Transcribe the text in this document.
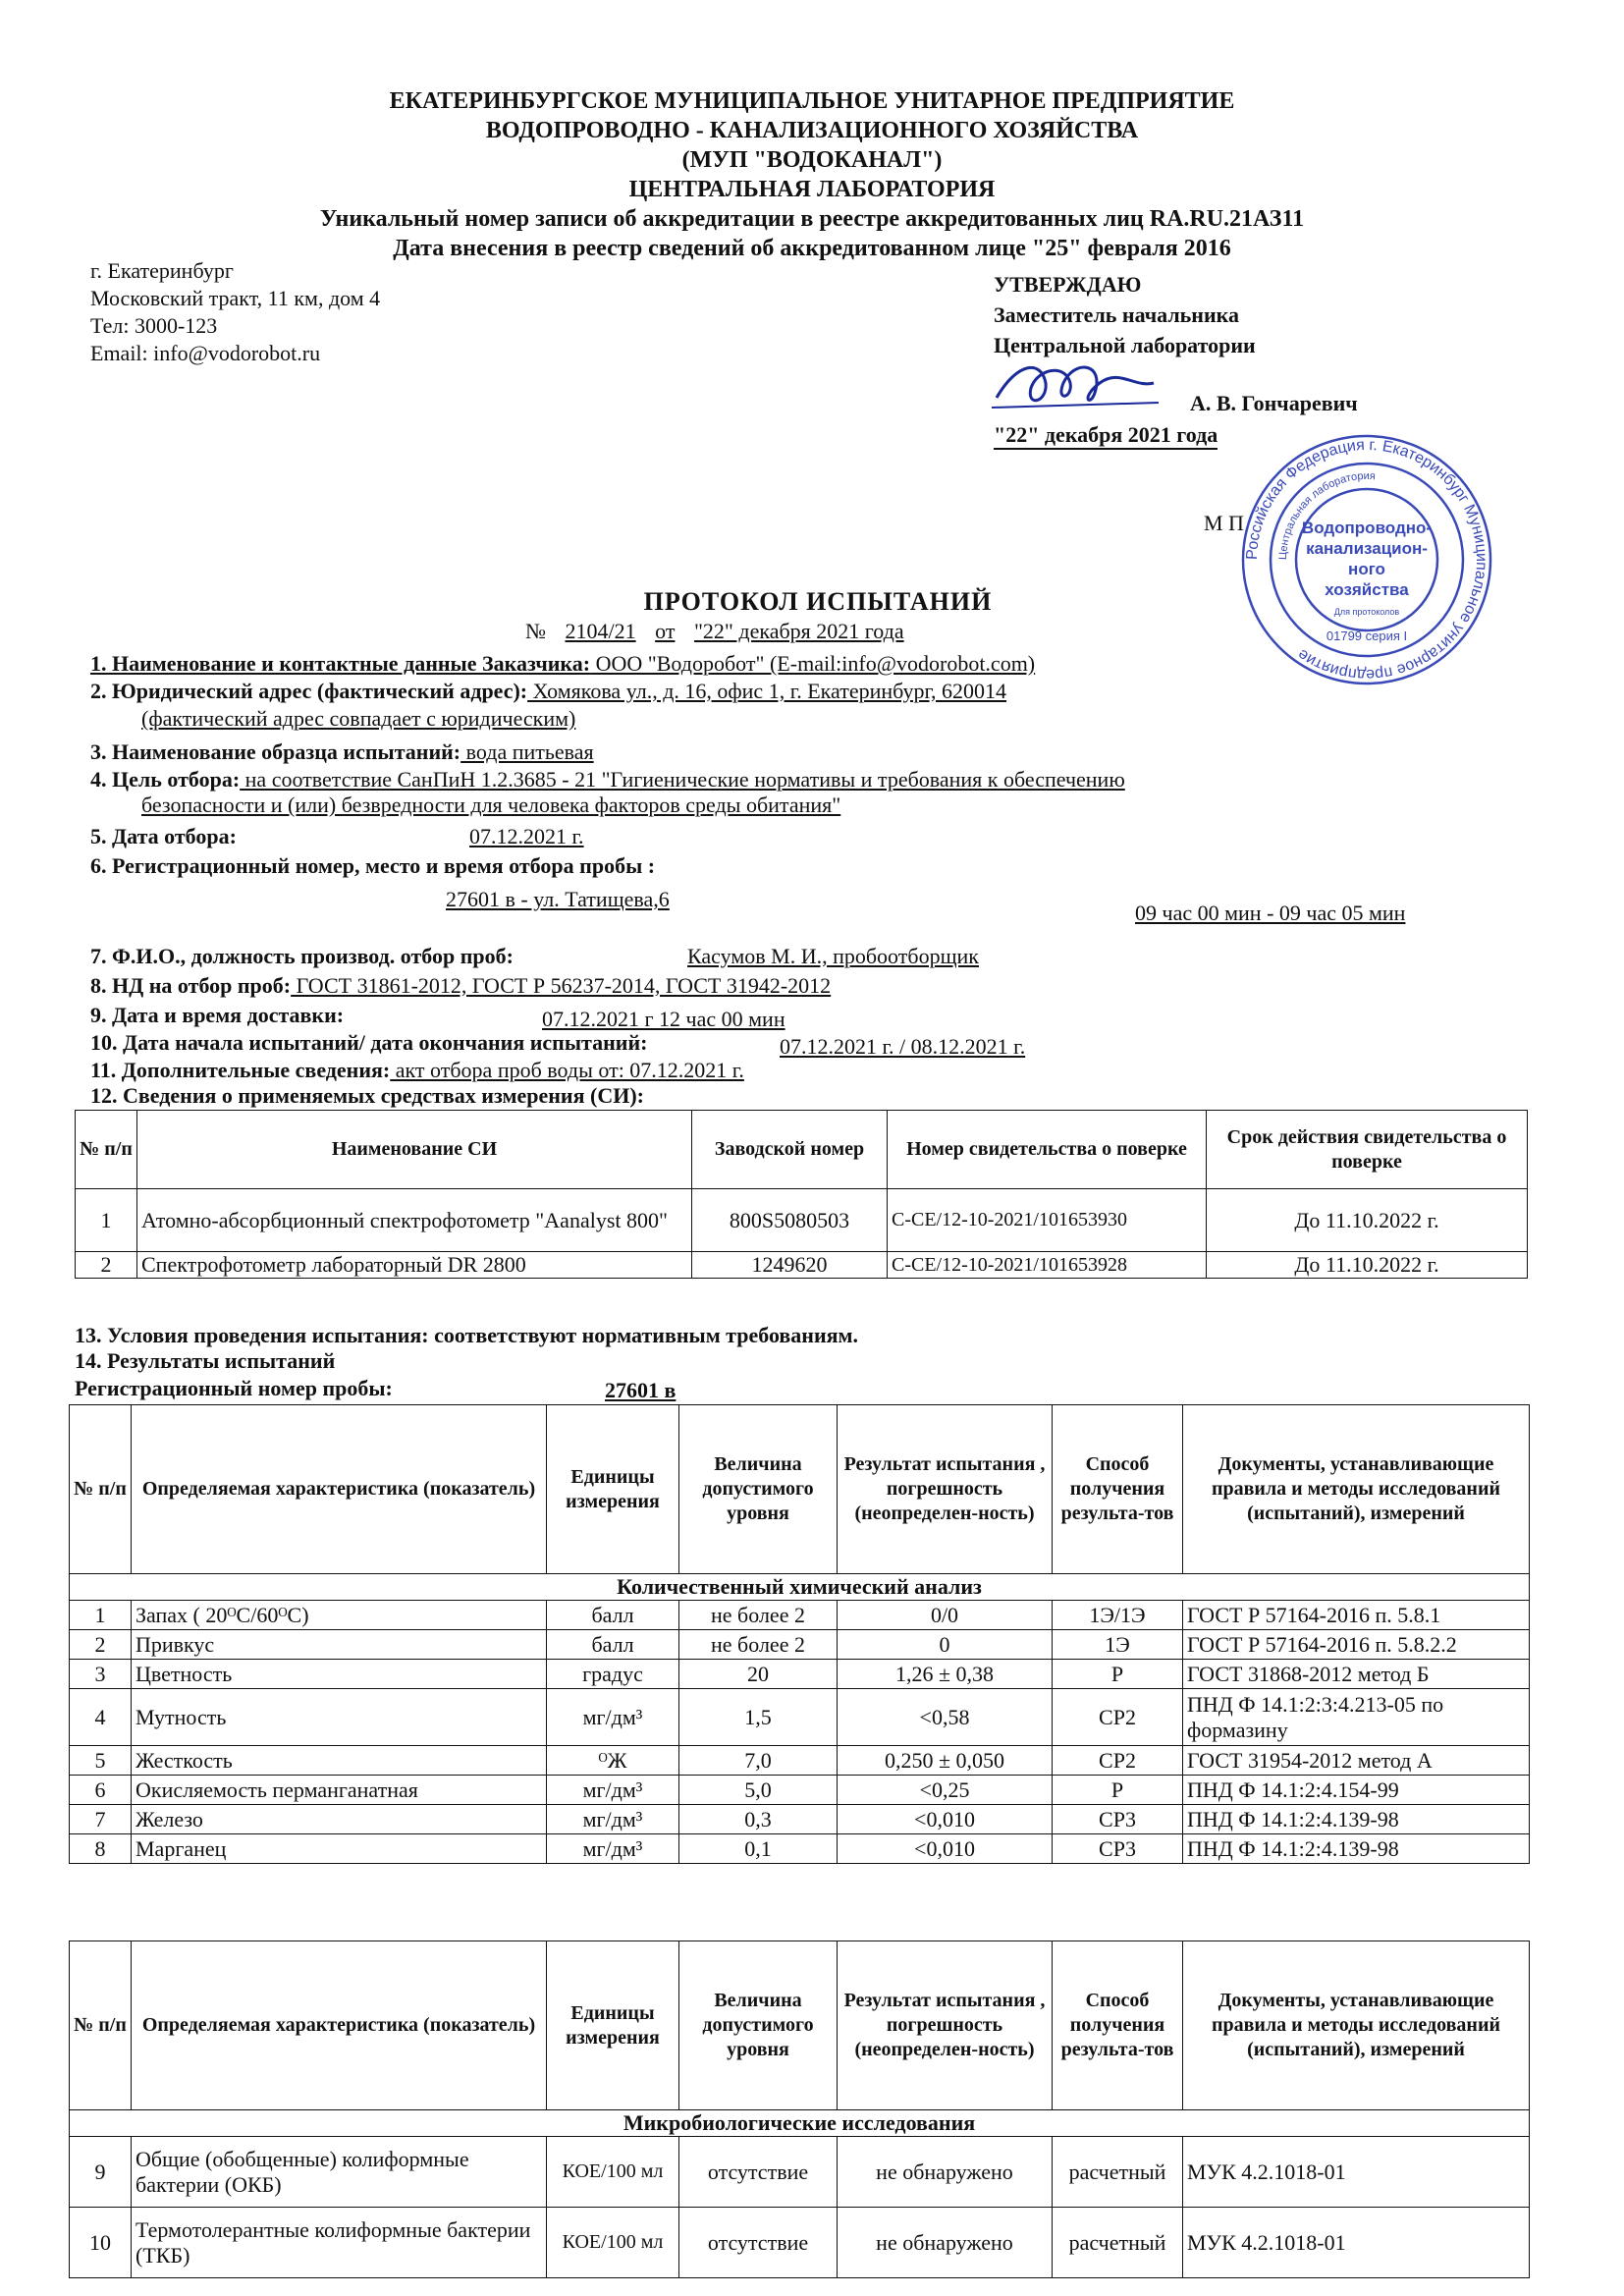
ЕКАТЕРИНБУРГСКОЕ МУНИЦИПАЛЬНОЕ УНИТАРНОЕ ПРЕДПРИЯТИЕ
ВОДОПРОВОДНО - КАНАЛИЗАЦИОННОГО ХОЗЯЙСТВА
(МУП "ВОДОКАНАЛ")
ЦЕНТРАЛЬНАЯ ЛАБОРАТОРИЯ
Уникальный номер записи об аккредитации в реестре аккредитованных лиц RA.RU.21АЗ11
Дата внесения в реестр сведений об аккредитованном лице "25" февраля 2016
г. Екатеринбург
Московский тракт, 11 км, дом 4
Тел: 3000-123
Email: info@vodorobot.ru
УТВЕРЖДАЮ
Заместитель начальника
Центральной лаборатории
А. В. Гончаревич
"22" декабря 2021 года
М П
Российская Федерация г. Екатеринбург Муниципальное унитарное предприятие
Центральная лаборатория
Водопроводно-
канализацион-
ного
хозяйства
Для протоколов
01799 серия I
ПРОТОКОЛ ИСПЫТАНИЙ
№ 2104/21 от "22" декабря 2021 года
1. Наименование и контактные данные Заказчика: ООО "Водоробот" (E-mail:info@vodorobot.com)
2. Юридический адрес (фактический адрес): Хомякова ул., д. 16, офис 1, г. Екатеринбург, 620014
(фактический адрес совпадает с юридическим)
3. Наименование образца испытаний: вода питьевая
4. Цель отбора: на соответствие СанПиН 1.2.3685 - 21 "Гигиенические нормативы и требования к обеспечению
безопасности и (или) безвредности для человека факторов среды обитания"
5. Дата отбора:	07.12.2021 г.
6. Регистрационный номер, место и время отбора пробы :
27601 в - ул. Татищева,6
09 час 00 мин - 09 час 05 мин
7. Ф.И.О., должность производ. отбор проб:	Касумов М. И., пробоотборщик
8. НД на отбор проб: ГОСТ 31861-2012, ГОСТ Р 56237-2014, ГОСТ 31942-2012
9. Дата и время доставки:	07.12.2021 г 12 час 00 мин
10. Дата начала испытаний/ дата окончания испытаний:	07.12.2021 г. / 08.12.2021 г.
11. Дополнительные сведения: акт отбора проб воды от: 07.12.2021 г.
12. Сведения о применяемых средствах измерения (СИ):
№ п/п	Наименование СИ	Заводской номер	Номер свидетельства о поверке	Срок действия свидетельства о поверке
1	Атомно-абсорбционный спектрофотометр "Aanalyst 800"	800S5080503	С-СЕ/12-10-2021/101653930	До 11.10.2022 г.
2	Спектрофотометр лабораторный DR 2800	1249620	С-СЕ/12-10-2021/101653928	До 11.10.2022 г.
13. Условия проведения испытания: соответствуют нормативным требованиям.
14. Результаты испытаний
Регистрационный номер пробы:	27601 в
№ п/п	Определяемая характеристика (показатель)	Единицы измерения	Величина допустимого уровня	Результат испытания , погрешность (неопределен-ность)	Способ получения результа-тов	Документы, устанавливающие правила и методы исследований (испытаний), измерений
Количественный химический анализ						
1	Запах ( 20ᴼС/60ᴼС)	балл	не более 2	0/0	1Э/1Э	ГОСТ Р 57164-2016 п. 5.8.1
2	Привкус	балл	не более 2	0	1Э	ГОСТ Р 57164-2016 п. 5.8.2.2
3	Цветность	градус	20	1,26 ± 0,38	Р	ГОСТ 31868-2012 метод Б
4	Мутность	мг/дм³	1,5	<0,58	СР2	ПНД Ф 14.1:2:3:4.213-05 по формазину
5	Жесткость	ᴼЖ	7,0	0,250 ± 0,050	СР2	ГОСТ 31954-2012 метод А
6	Окисляемость перманганатная	мг/дм³	5,0	<0,25	Р	ПНД Ф 14.1:2:4.154-99
7	Железо	мг/дм³	0,3	<0,010	СР3	ПНД Ф 14.1:2:4.139-98
8	Марганец	мг/дм³	0,1	<0,010	СР3	ПНД Ф 14.1:2:4.139-98
№ п/п	Определяемая характеристика (показатель)	Единицы измерения	Величина допустимого уровня	Результат испытания , погрешность (неопределен-ность)	Способ получения результа-тов	Документы, устанавливающие правила и методы исследований (испытаний), измерений
Микробиологические исследования						
9	Общие (обобщенные) колиформные бактерии (ОКБ)	КОЕ/100 мл	отсутствие	не обнаружено	расчетный	МУК 4.2.1018-01
10	Термотолерантные колиформные бактерии (ТКБ)	КОЕ/100 мл	отсутствие	не обнаружено	расчетный	МУК 4.2.1018-01
